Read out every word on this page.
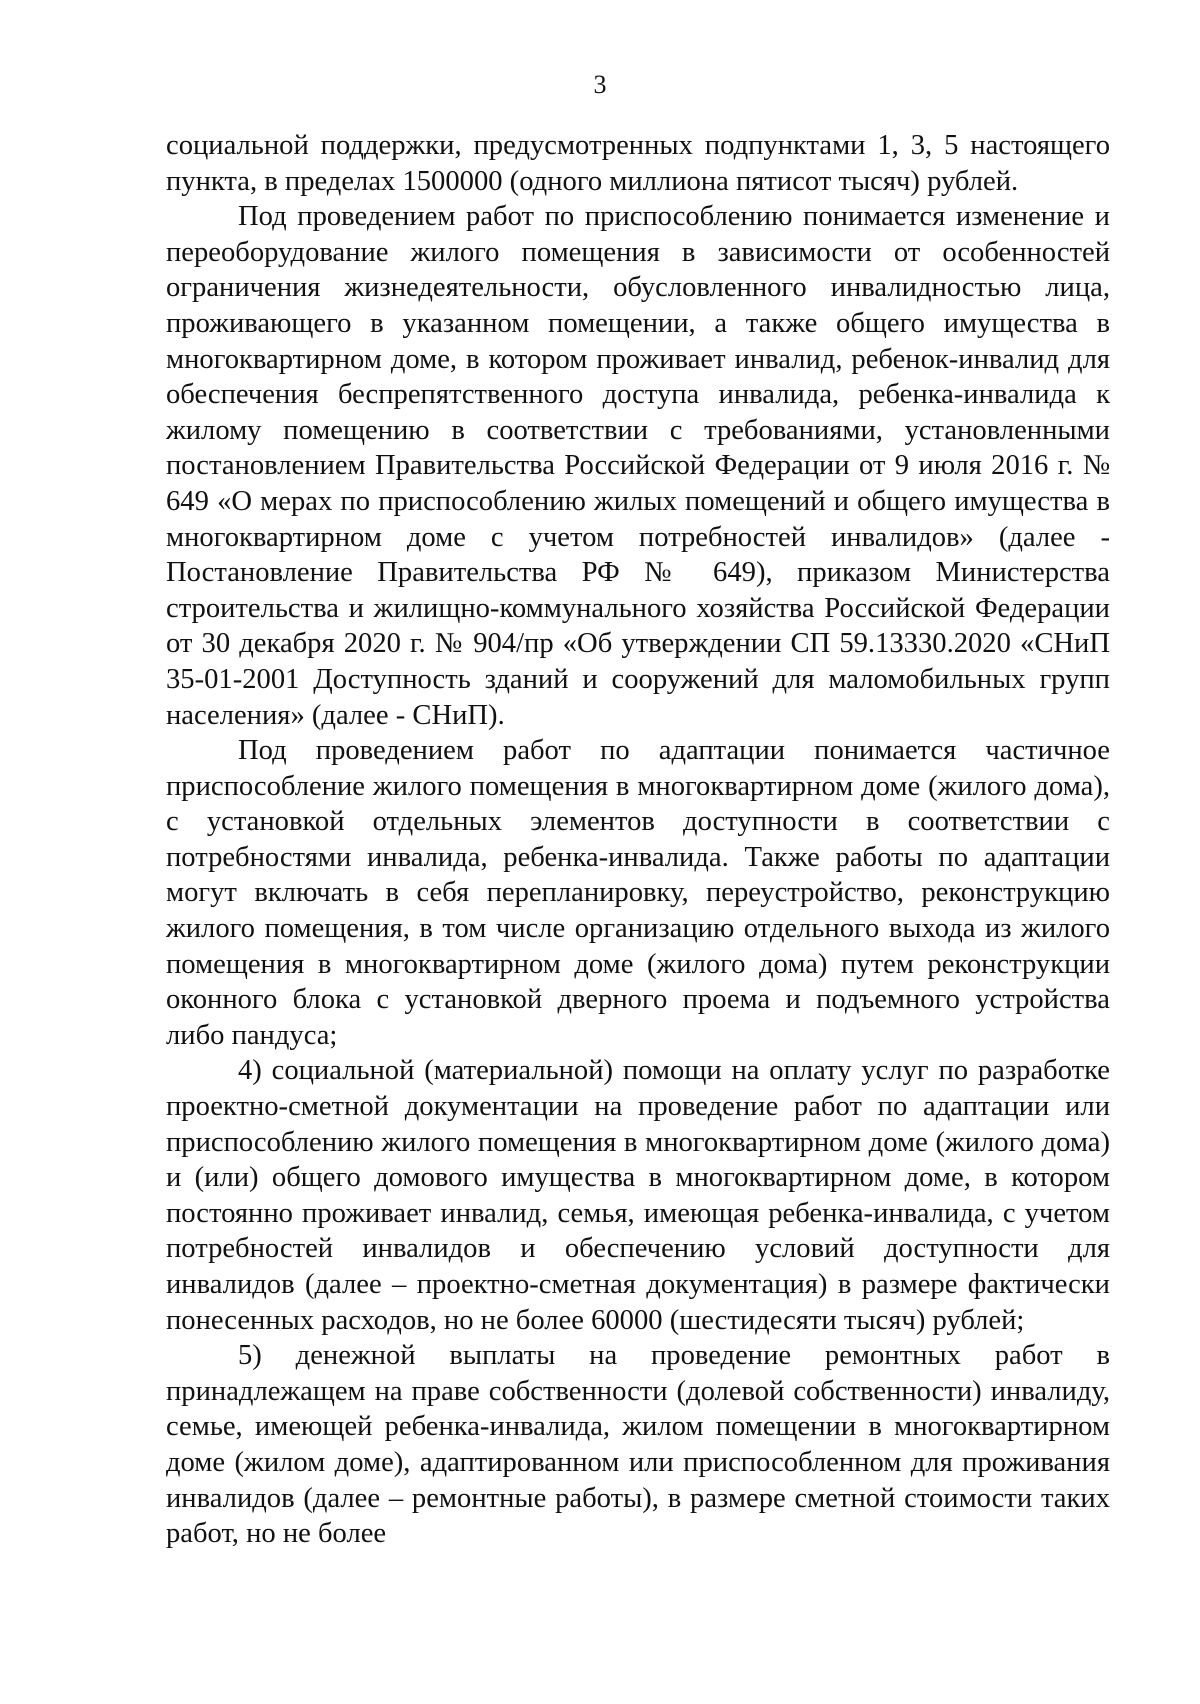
3

социальной поддержки, предусмотренных подпунктами 1, 3, 5 настоящего пункта, в пределах 1500000 (одного миллиона пятисот тысяч) рублей.

Под проведением работ по приспособлению понимается изменение и переоборудование жилого помещения в зависимости от особенностей ограничения жизнедеятельности, обусловленного инвалидностью лица, проживающего в указанном помещении, а также общего имущества в многоквартирном доме, в котором проживает инвалид, ребенок-инвалид для обеспечения беспрепятственного доступа инвалида, ребенка-инвалида к жилому помещению в соответствии с требованиями, установленными постановлением Правительства Российской Федерации от 9 июля 2016 г. № 649 «О мерах по приспособлению жилых помещений и общего имущества в многоквартирном доме с учетом потребностей инвалидов» (далее - Постановление Правительства РФ № 649), приказом Министерства строительства и жилищно-коммунального хозяйства Российской Федерации от 30 декабря 2020 г. № 904/пр «Об утверждении СП 59.13330.2020 «СНиП 35-01-2001 Доступность зданий и сооружений для маломобильных групп населения» (далее - СНиП).

Под проведением работ по адаптации понимается частичное приспособление жилого помещения в многоквартирном доме (жилого дома), с установкой отдельных элементов доступности в соответствии с потребностями инвалида, ребенка-инвалида. Также работы по адаптации могут включать в себя перепланировку, переустройство, реконструкцию жилого помещения, в том числе организацию отдельного выхода из жилого помещения в многоквартирном доме (жилого дома) путем реконструкции оконного блока с установкой дверного проема и подъемного устройства либо пандуса;

4) социальной (материальной) помощи на оплату услуг по разработке проектно-сметной документации на проведение работ по адаптации или приспособлению жилого помещения в многоквартирном доме (жилого дома) и (или) общего домового имущества в многоквартирном доме, в котором постоянно проживает инвалид, семья, имеющая ребенка-инвалида, с учетом потребностей инвалидов и обеспечению условий доступности для инвалидов (далее – проектно-сметная документация) в размере фактически понесенных расходов, но не более 60000 (шестидесяти тысяч) рублей;

5) денежной выплаты на проведение ремонтных работ в принадлежащем на праве собственности (долевой собственности) инвалиду, семье, имеющей ребенка-инвалида, жилом помещении в многоквартирном доме (жилом доме), адаптированном или приспособленном для проживания инвалидов (далее – ремонтные работы), в размере сметной стоимости таких работ, но не более
